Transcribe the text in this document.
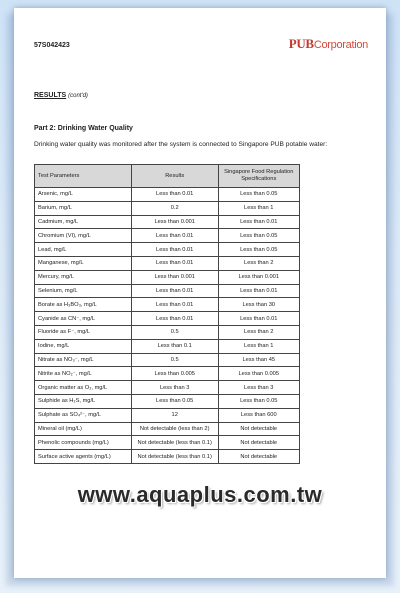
57S042423	PUBCorporation
RESULTS (cont'd)
Part 2: Drinking Water Quality
Drinking water quality was monitored after the system is connected to Singapore PUB potable water:
Test Parameters	Results	Singapore Food Regulation Specifications
Arsenic, mg/L	Less than 0.01	Less than 0.05
Barium, mg/L	0.2	Less than 1
Cadmium, mg/L	Less than 0.001	Less than 0.01
Chromium (VI), mg/L	Less than 0.01	Less than 0.05
Lead, mg/L	Less than 0.01	Less than 0.05
Manganese, mg/L	Less than 0.01	Less than 2
Mercury, mg/L	Less than 0.001	Less than 0.001
Selenium, mg/L	Less than 0.01	Less than 0.01
Borate as H₃BO₃, mg/L	Less than 0.01	Less than 30
Cyanide as CN⁻, mg/L	Less than 0.01	Less than 0.01
Fluoride as F⁻, mg/L	0.5	Less than 2
Iodine, mg/L	Less than 0.1	Less than 1
Nitrate as NO₃⁻, mg/L	0.5	Less than 45
Nitrite as NO₂⁻, mg/L	Less than 0.005	Less than 0.005
Organic matter as O₂, mg/L	Less than 3	Less than 3
Sulphide as H₂S, mg/L	Less than 0.05	Less than 0.05
Sulphate as SO₄²⁻, mg/L	12	Less than 600
Mineral oil (mg/L)	Not detectable (less than 2)	Not detectable
Phenolic compounds (mg/L)	Not detectable (less than 0.1)	Not detectable
Surface active agents (mg/L)	Not detectable (less than 0.1)	Not detectable
www.aquaplus.com.tw
